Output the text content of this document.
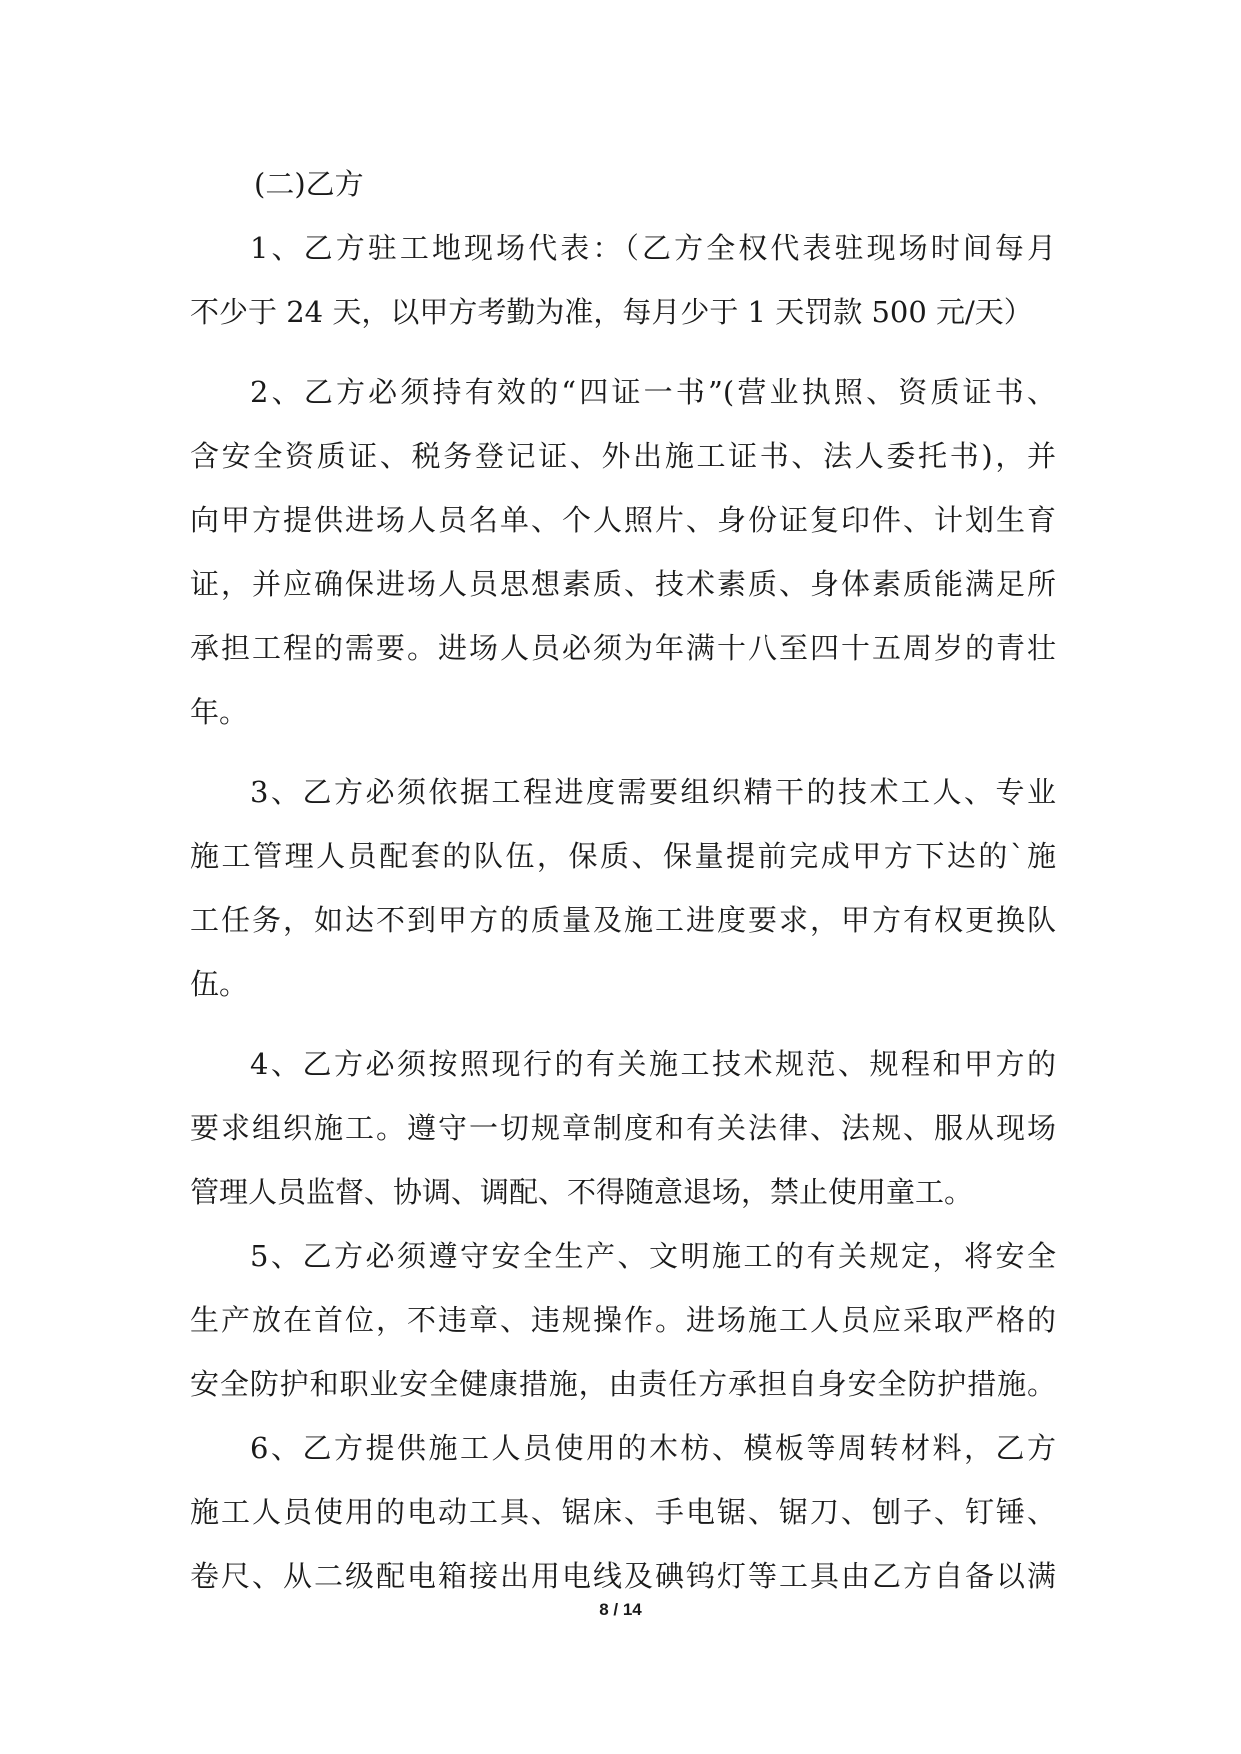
(二)乙方
1、乙方驻工地现场代表：（乙方全权代表驻现场时间每月
不少于 24 天，以甲方考勤为准，每月少于 1 天罚款 500 元/天）
2、乙方必须持有效的“四证一书”(营业执照、资质证书、
含安全资质证、税务登记证、外出施工证书、法人委托书)，并
向甲方提供进场人员名单、个人照片、身份证复印件、计划生育
证，并应确保进场人员思想素质、技术素质、身体素质能满足所
承担工程的需要。进场人员必须为年满十八至四十五周岁的青壮
年。
3、乙方必须依据工程进度需要组织精干的技术工人、专业
施工管理人员配套的队伍，保质、保量提前完成甲方下达的`施
工任务，如达不到甲方的质量及施工进度要求，甲方有权更换队
伍。
4、乙方必须按照现行的有关施工技术规范、规程和甲方的
要求组织施工。遵守一切规章制度和有关法律、法规、服从现场
管理人员监督、协调、调配、不得随意退场，禁止使用童工。
5、乙方必须遵守安全生产、文明施工的有关规定，将安全
生产放在首位，不违章、违规操作。进场施工人员应采取严格的
安全防护和职业安全健康措施，由责任方承担自身安全防护措施。
6、乙方提供施工人员使用的木枋、模板等周转材料，乙方
施工人员使用的电动工具、锯床、手电锯、锯刀、刨子、钉锤、
卷尺、从二级配电箱接出用电线及碘钨灯等工具由乙方自备以满
8 / 14
